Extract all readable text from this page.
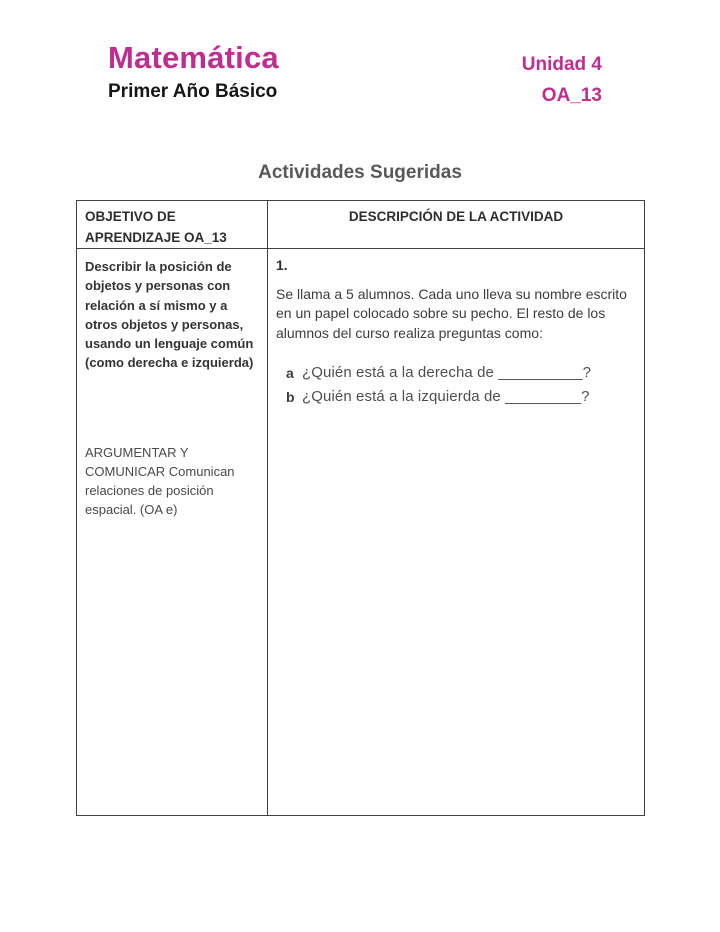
Matemática
Primer Año Básico
Unidad 4
OA_13
Actividades Sugeridas
OBJETIVO DE APRENDIZAJE OA_13
DESCRIPCIÓN DE LA ACTIVIDAD
Describir la posición de objetos y personas con relación a sí mismo y a otros objetos y personas, usando un lenguaje común (como derecha e izquierda)
ARGUMENTAR Y COMUNICAR Comunican relaciones de posición espacial. (OA e)
1.
Se llama a 5 alumnos. Cada uno lleva su nombre escrito en un papel colocado sobre su pecho. El resto de los alumnos del curso realiza preguntas como:
a ¿Quién está a la derecha de __________?
b ¿Quién está a la izquierda de _________?
